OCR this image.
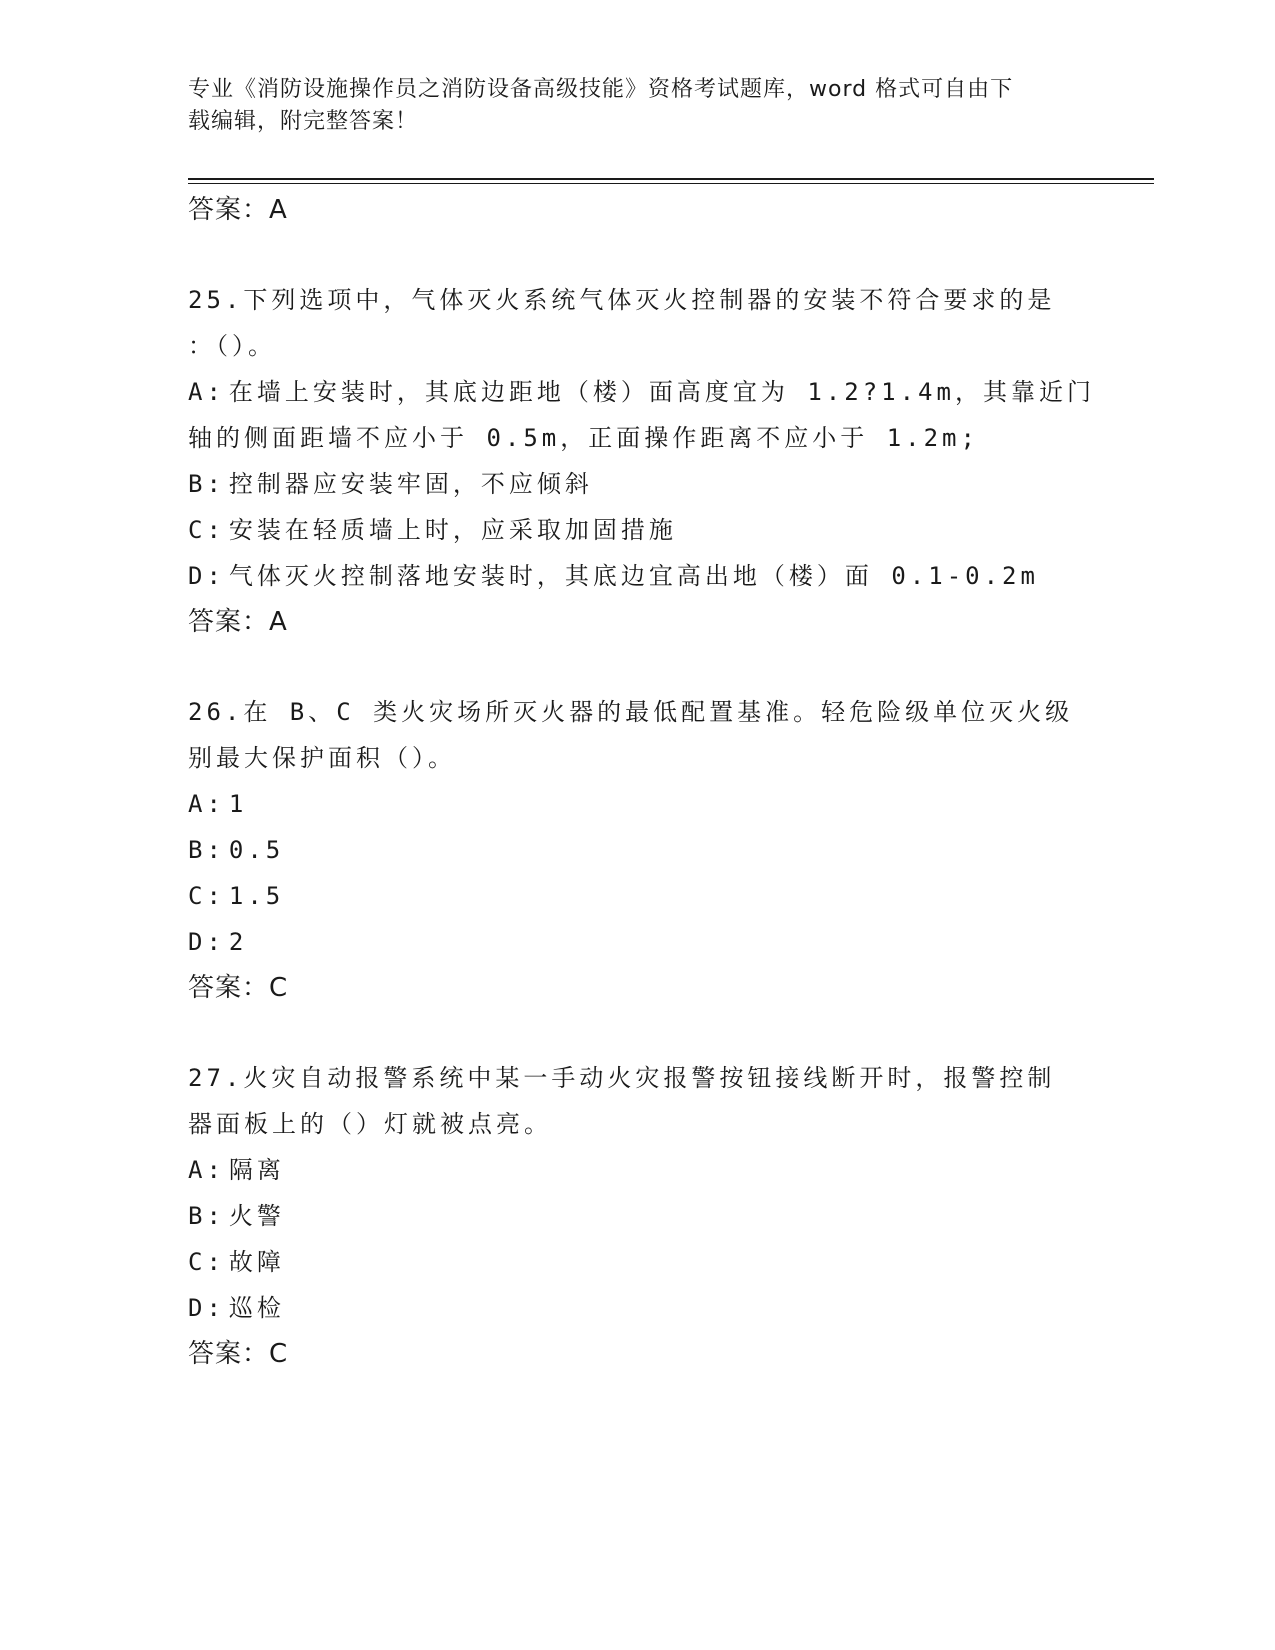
专业《消防设施操作员之消防设备高级技能》资格考试题库，word 格式可自由下
载编辑，附完整答案！
答案：A
25.下列选项中，气体灭火系统气体灭火控制器的安装不符合要求的是
：（）。
A: 在墙上安装时，其底边距地（楼）面高度宜为 1.2?1.4m，其靠近门
轴的侧面距墙不应小于 0.5m，正面操作距离不应小于 1.2m;
B: 控制器应安装牢固，不应倾斜
C: 安装在轻质墙上时，应采取加固措施
D: 气体灭火控制落地安装时，其底边宜高出地（楼）面 0.1-0.2m
答案：A
26.在 B、C 类火灾场所灭火器的最低配置基准。轻危险级单位灭火级
别最大保护面积（）。
A: 1
B: 0.5
C: 1.5
D: 2
答案：C
27.火灾自动报警系统中某一手动火灾报警按钮接线断开时，报警控制
器面板上的（）灯就被点亮。
A: 隔离
B: 火警
C: 故障
D: 巡检
答案：C
